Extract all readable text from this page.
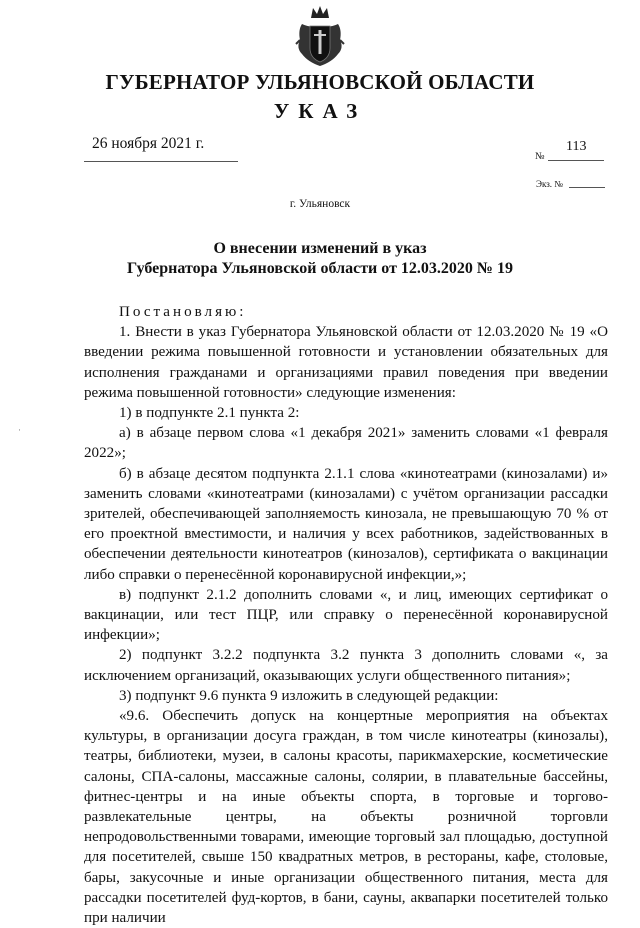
ГУБЕРНАТОР УЛЬЯНОВСКОЙ ОБЛАСТИ
УКАЗ
26 ноября 2021 г.	113
№
Экз. №
г. Ульяновск
О внесении изменений в указ
Губернатора Ульяновской области от 12.03.2020 № 19
·

Постановляю:

1. Внести в указ Губернатора Ульяновской области от 12.03.2020 № 19 «О введении режима повышенной готовности и установлении обязательных для исполнения гражданами и организациями правил поведения при введении режима повышенной готовности» следующие изменения:

1) в подпункте 2.1 пункта 2:

а) в абзаце первом слова «1 декабря 2021» заменить словами «1 февраля 2022»;

б) в абзаце десятом подпункта 2.1.1 слова «кинотеатрами (кинозалами) и» заменить словами «кинотеатрами (кинозалами) с учётом организации рассадки зрителей, обеспечивающей заполняемость кинозала, не превышающую 70 % от его проектной вместимости, и наличия у всех работников, задействованных в обеспечении деятельности кинотеатров (кинозалов), сертификата о вакцинации либо справки о перенесённой коронавирусной инфекции,»;

в) подпункт 2.1.2 дополнить словами «, и лиц, имеющих сертификат о вакцинации, или тест ПЦР, или справку о перенесённой коронавирусной инфекции»;

2) подпункт 3.2.2 подпункта 3.2 пункта 3 дополнить словами «, за исключением организаций, оказывающих услуги общественного питания»;

3) подпункт 9.6 пункта 9 изложить в следующей редакции:

«9.6. Обеспечить допуск на концертные мероприятия на объектах культуры, в организации досуга граждан, в том числе кинотеатры (кинозалы), театры, библиотеки, музеи, в салоны красоты, парикмахерские, косметические салоны, СПА-салоны, массажные салоны, солярии, в плавательные бассейны, фитнес-центры и на иные объекты спорта, в торговые и торгово-развлекательные центры, на объекты розничной торговли непродовольственными товарами, имеющие торговый зал площадью, доступной для посетителей, свыше 150 квадратных метров, в рестораны, кафе, столовые, бары, закусочные и иные организации общественного питания, места для рассадки посетителей фуд-кортов, в бани, сауны, аквапарки посетителей только при наличии
